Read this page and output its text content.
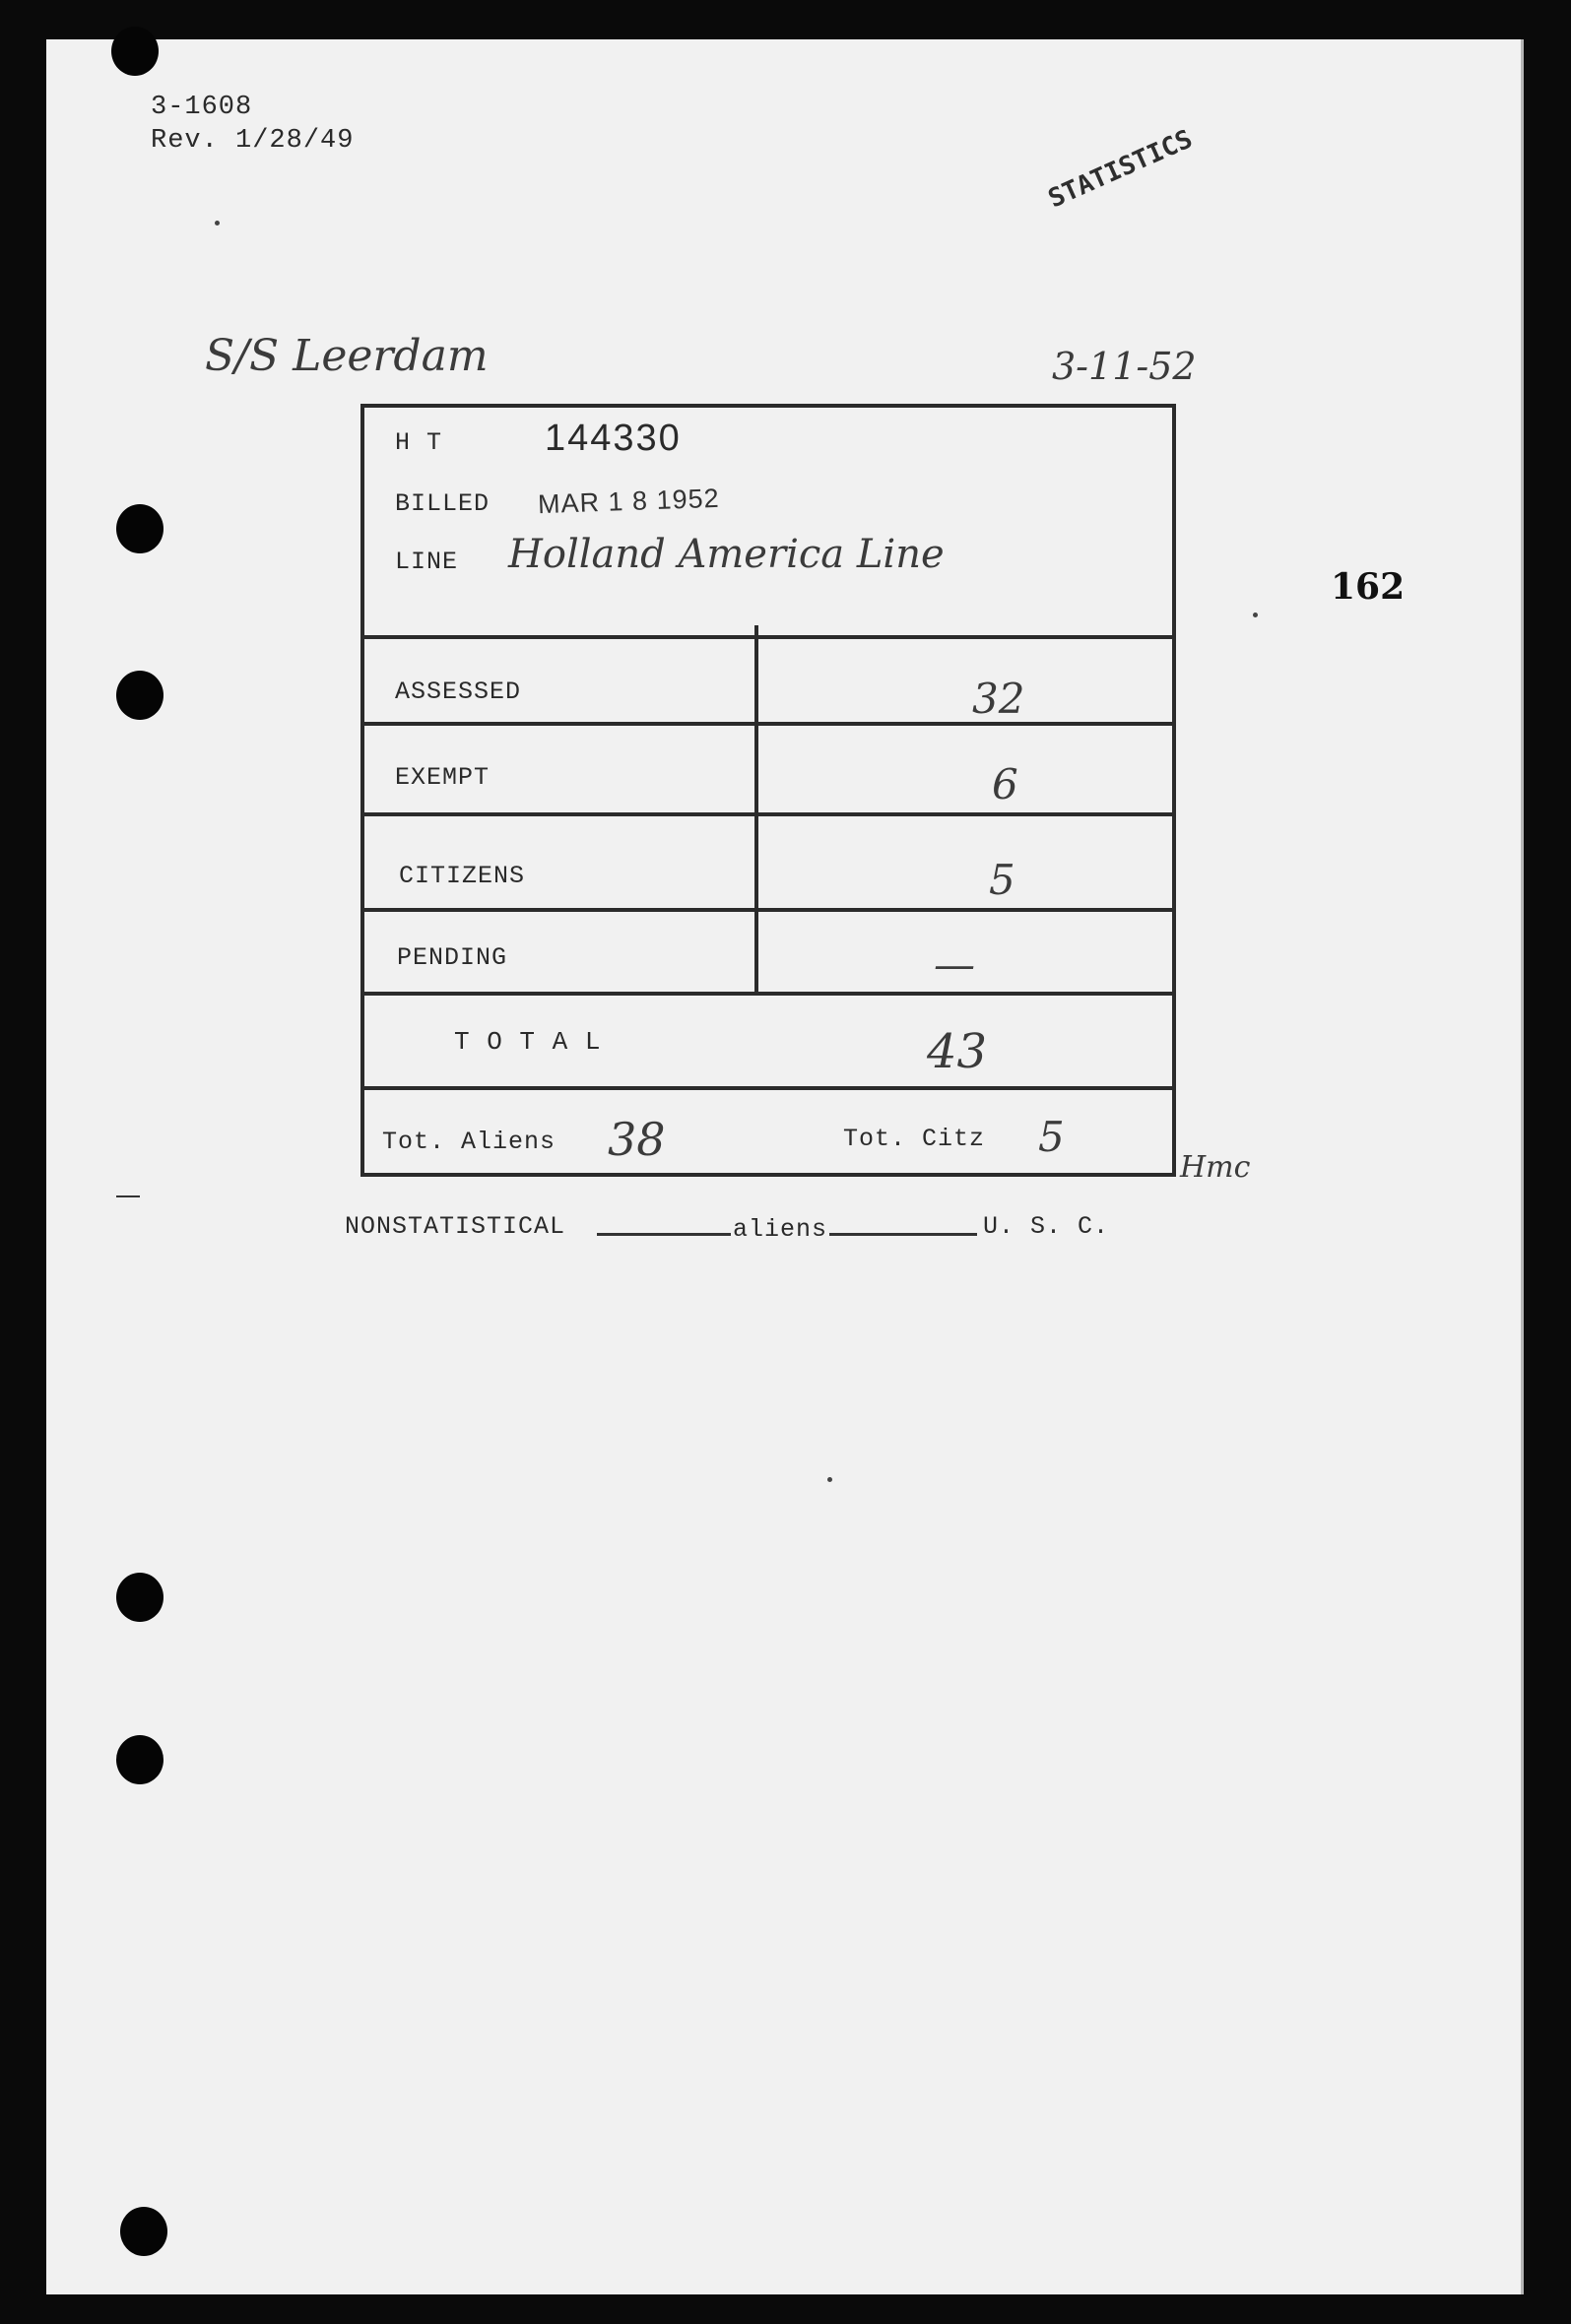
3-1608
Rev. 1/28/49	STATISTICS
S/S Leerdam	3-11-52
162
H T	144330
BILLED MAR 1 8 1952
LINE Holland America Line
ASSESSED	32
EXEMPT	6
CITIZENS	5
PENDING	—
T O T A L	43
Tot. Aliens 38	Tot. Citz 5
Hmc
NONSTATISTICAL	aliens	U. S. C.
